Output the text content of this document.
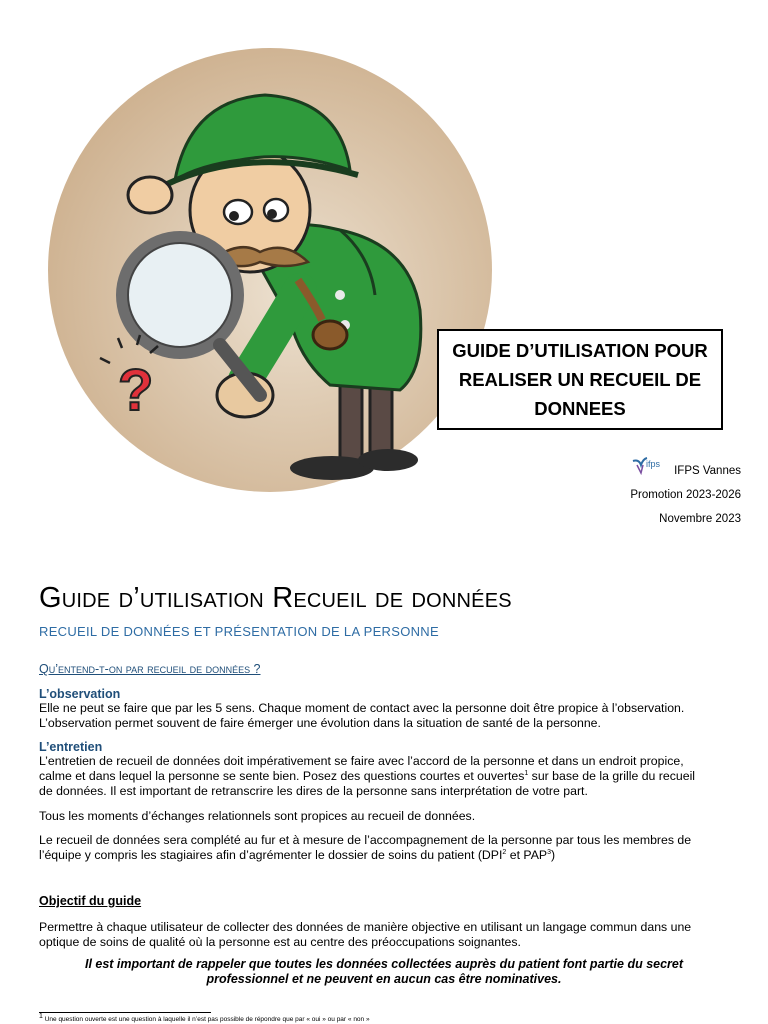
?
GUIDE D’UTILISATION POUR
REALISER UN RECUEIL DE
DONNEES
ifps
IFPS Vannes
Promotion 2023-2026
Novembre 2023
Guide d’utilisation Recueil de données
RECUEIL DE DONNÉES ET PRÉSENTATION DE LA PERSONNE
Qu’entend-t-on par recueil de données ?
L’observation
Elle ne peut se faire que par les 5 sens. Chaque moment de contact avec la personne doit être propice à l’observation.
L’observation permet souvent de faire émerger une évolution dans la situation de santé de la personne.
L’entretien
L’entretien de recueil de données doit impérativement se faire avec l’accord de la personne et dans un endroit propice,
calme et dans lequel la personne se sente bien. Posez des questions courtes et ouvertes$^1$ sur base de la grille du recueil
de données. Il est important de retranscrire les dires de la personne sans interprétation de votre part.
Tous les moments d’échanges relationnels sont propices au recueil de données.
Le recueil de données sera complété au fur et à mesure de l’accompagnement de la personne par tous les membres de
l’équipe y compris les stagiaires afin d’agrémenter le dossier de soins du patient (DPI$^2$ et PAP$^3$)
Objectif du guide
Permettre à chaque utilisateur de collecter des données de manière objective en utilisant un langage commun dans une
optique de soins de qualité où la personne est au centre des préoccupations soignantes.
Il est important de rappeler que toutes les données collectées auprès du patient font partie du secret
professionnel et ne peuvent en aucun cas être nominatives.
$^1$ Une question ouverte est une question à laquelle il n’est pas possible de répondre que par « oui » ou par « non »
